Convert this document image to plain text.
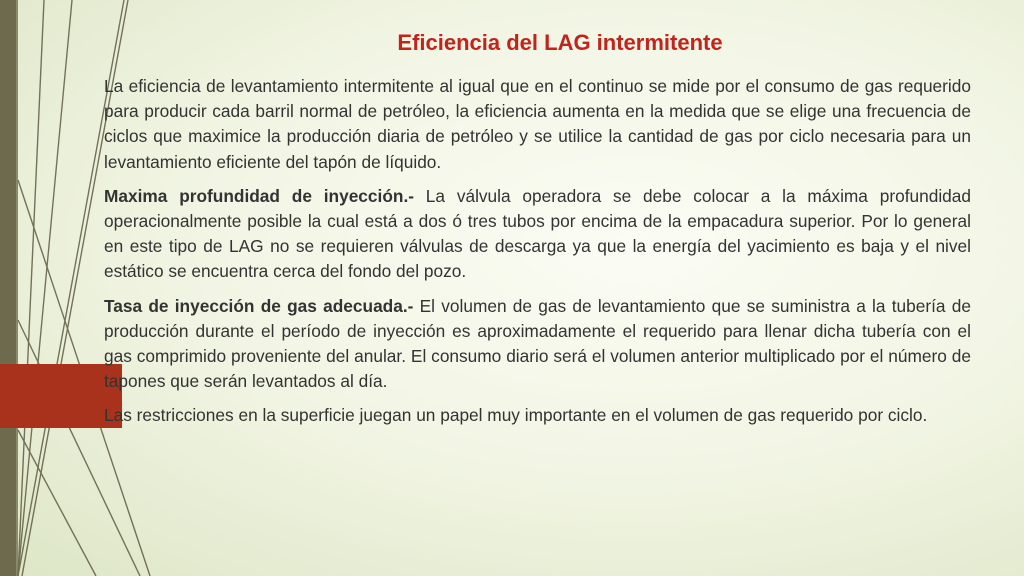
Eficiencia del LAG intermitente

La eficiencia de levantamiento intermitente al igual que en el continuo se mide por el consumo de gas requerido para producir cada barril normal de petróleo, la eficiencia aumenta en la medida que se elige una frecuencia de ciclos que maximice la producción diaria de petróleo y se utilice la cantidad de gas por ciclo necesaria para un levantamiento eficiente del tapón de líquido.

Maxima profundidad de inyección.- La válvula operadora se debe colocar a la máxima profundidad operacionalmente posible la cual está a dos ó tres tubos por encima de la empacadura superior. Por lo general en este tipo de LAG no se requieren válvulas de descarga ya que la energía del yacimiento es baja y el nivel estático se encuentra cerca del fondo del pozo.

Tasa de inyección de gas adecuada.- El volumen de gas de levantamiento que se suministra a la tubería de producción durante el período de inyección es aproximadamente el requerido para llenar dicha tubería con el gas comprimido proveniente del anular. El consumo diario será el volumen anterior multiplicado por el número de tapones que serán levantados al día.

Las restricciones en la superficie juegan un papel muy importante en el volumen de gas requerido por ciclo.
